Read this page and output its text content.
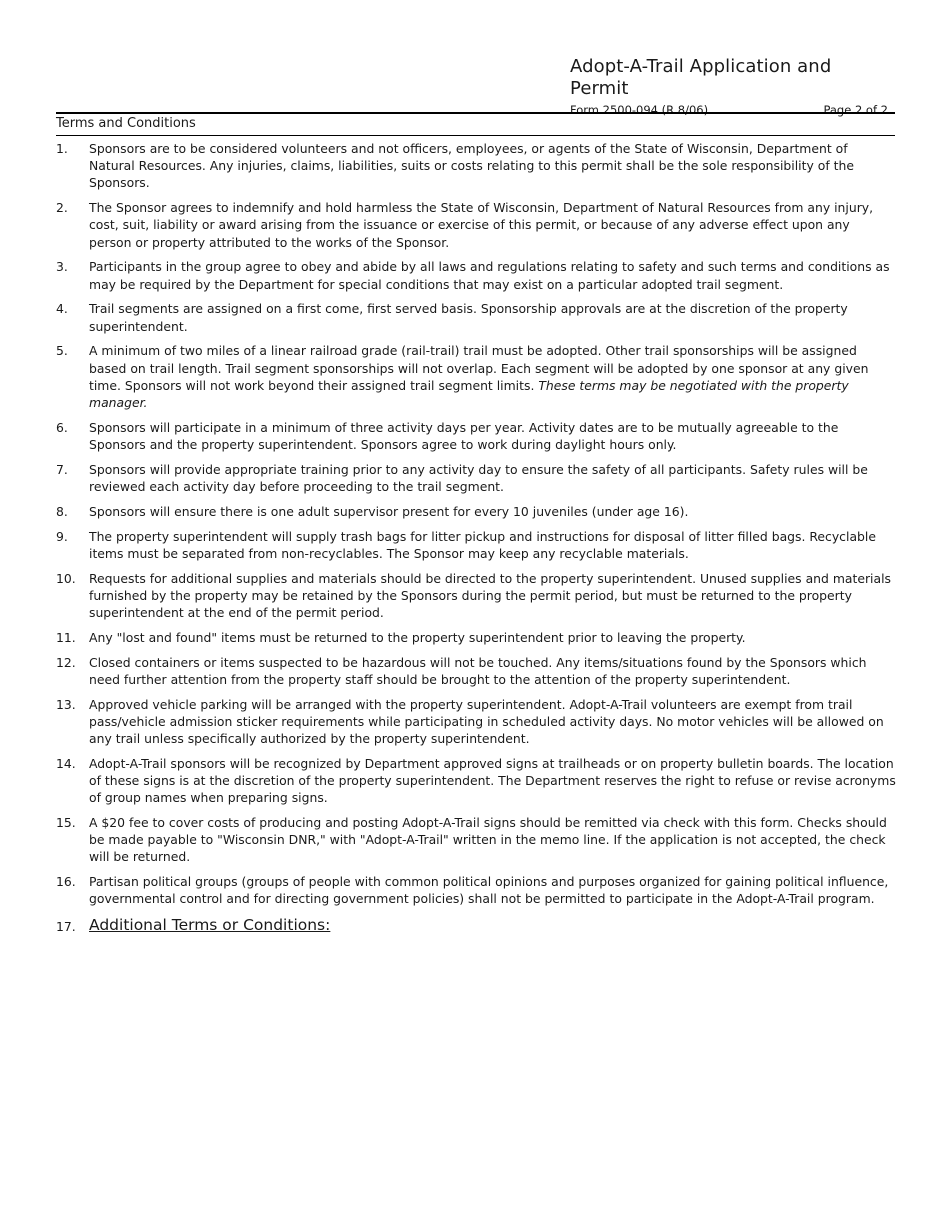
Adopt-A-Trail Application and Permit
Form 2500-094 (R 8/06)	Page 2 of 2
Terms and Conditions
1.	Sponsors are to be considered volunteers and not officers, employees, or agents of the State of Wisconsin, Department of Natural Resources. Any injuries, claims, liabilities, suits or costs relating to this permit shall be the sole responsibility of the Sponsors.
2.	The Sponsor agrees to indemnify and hold harmless the State of Wisconsin, Department of Natural Resources from any injury, cost, suit, liability or award arising from the issuance or exercise of this permit, or because of any adverse effect upon any person or property attributed to the works of the Sponsor.
3.	Participants in the group agree to obey and abide by all laws and regulations relating to safety and such terms and conditions as may be required by the Department for special conditions that may exist on a particular adopted trail segment.
4.	Trail segments are assigned on a first come, first served basis. Sponsorship approvals are at the discretion of the property superintendent.
5.	A minimum of two miles of a linear railroad grade (rail-trail) trail must be adopted. Other trail sponsorships will be assigned based on trail length. Trail segment sponsorships will not overlap. Each segment will be adopted by one sponsor at any given time. Sponsors will not work beyond their assigned trail segment limits. These terms may be negotiated with the property manager.
6.	Sponsors will participate in a minimum of three activity days per year. Activity dates are to be mutually agreeable to the Sponsors and the property superintendent. Sponsors agree to work during daylight hours only.
7.	Sponsors will provide appropriate training prior to any activity day to ensure the safety of all participants. Safety rules will be reviewed each activity day before proceeding to the trail segment.
8.	Sponsors will ensure there is one adult supervisor present for every 10 juveniles (under age 16).
9.	The property superintendent will supply trash bags for litter pickup and instructions for disposal of litter filled bags. Recyclable items must be separated from non-recyclables. The Sponsor may keep any recyclable materials.
10.	Requests for additional supplies and materials should be directed to the property superintendent. Unused supplies and materials furnished by the property may be retained by the Sponsors during the permit period, but must be returned to the property superintendent at the end of the permit period.
11.	Any "lost and found" items must be returned to the property superintendent prior to leaving the property.
12.	Closed containers or items suspected to be hazardous will not be touched. Any items/situations found by the Sponsors which need further attention from the property staff should be brought to the attention of the property superintendent.
13.	Approved vehicle parking will be arranged with the property superintendent. Adopt-A-Trail volunteers are exempt from trail pass/vehicle admission sticker requirements while participating in scheduled activity days. No motor vehicles will be allowed on any trail unless specifically authorized by the property superintendent.
14.	Adopt-A-Trail sponsors will be recognized by Department approved signs at trailheads or on property bulletin boards. The location of these signs is at the discretion of the property superintendent. The Department reserves the right to refuse or revise acronyms of group names when preparing signs.
15.	A $20 fee to cover costs of producing and posting Adopt-A-Trail signs should be remitted via check with this form. Checks should be made payable to "Wisconsin DNR," with "Adopt-A-Trail" written in the memo line. If the application is not accepted, the check will be returned.
16.	Partisan political groups (groups of people with common political opinions and purposes organized for gaining political influence, governmental control and for directing government policies) shall not be permitted to participate in the Adopt-A-Trail program.
17. Additional Terms or Conditions:
